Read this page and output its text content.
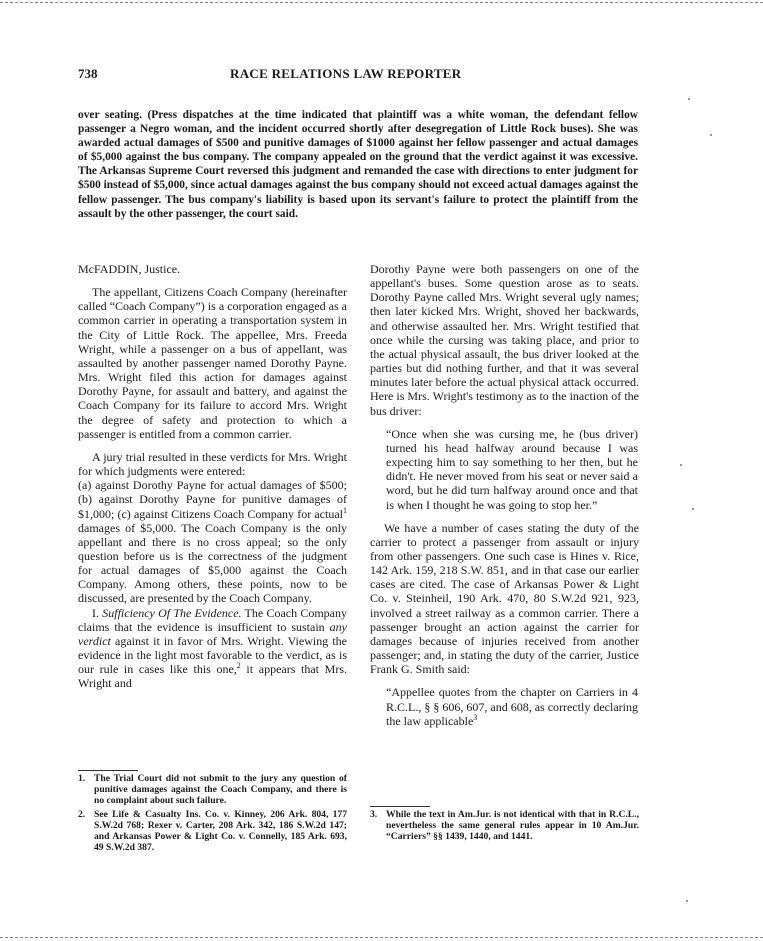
738	RACE RELATIONS LAW REPORTER
over seating. (Press dispatches at the time indicated that plaintiff was a white woman, the defendant fellow passenger a Negro woman, and the incident occurred shortly after desegregation of Little Rock buses). She was awarded actual damages of $500 and punitive damages of $1000 against her fellow passenger and actual damages of $5,000 against the bus company. The company appealed on the ground that the verdict against it was excessive. The Arkansas Supreme Court reversed this judgment and remanded the case with directions to enter judgment for $500 instead of $5,000, since actual damages against the bus company should not exceed actual damages against the fellow passenger. The bus company's liability is based upon its servant's failure to protect the plaintiff from the assault by the other passenger, the court said.

McFADDIN, Justice.

The appellant, Citizens Coach Company (hereinafter called “Coach Company”) is a corporation engaged as a common carrier in operating a transportation system in the City of Little Rock. The appellee, Mrs. Freeda Wright, while a passenger on a bus of appellant, was assaulted by another passenger named Dorothy Payne. Mrs. Wright filed this action for damages against Dorothy Payne, for assault and battery, and against the Coach Company for its failure to accord Mrs. Wright the degree of safety and protection to which a passenger is entitled from a common carrier.

A jury trial resulted in these verdicts for Mrs. Wright for which judgments were entered:

(a) against Dorothy Payne for actual damages of $500; (b) against Dorothy Payne for punitive damages of $1,000; (c) against Citizens Coach Company for actual$^1$ damages of $5,000. The Coach Company is the only appellant and there is no cross appeal; so the only question before us is the correctness of the judgment for actual damages of $5,000 against the Coach Company. Among others, these points, now to be discussed, are presented by the Coach Company.

I. Sufficiency Of The Evidence. The Coach Company claims that the evidence is insufficient to sustain any verdict against it in favor of Mrs. Wright. Viewing the evidence in the light most favorable to the verdict, as is our rule in cases like this one,$^2$ it appears that Mrs. Wright and

1. The Trial Court did not submit to the jury any question of punitive damages against the Coach Company, and there is no complaint about such failure.
2. See Life & Casualty Ins. Co. v. Kinney, 206 Ark. 804, 177 S.W.2d 768; Rexer v. Carter, 208 Ark. 342, 186 S.W.2d 147; and Arkansas Power & Light Co. v. Connelly, 185 Ark. 693, 49 S.W.2d 387.

Dorothy Payne were both passengers on one of the appellant's buses. Some question arose as to seats. Dorothy Payne called Mrs. Wright several ugly names; then later kicked Mrs. Wright, shoved her backwards, and otherwise assaulted her. Mrs. Wright testified that once while the cursing was taking place, and prior to the actual physical assault, the bus driver looked at the parties but did nothing further, and that it was several minutes later before the actual physical attack occurred. Here is Mrs. Wright's testimony as to the inaction of the bus driver:

“Once when she was cursing me, he (bus driver) turned his head halfway around because I was expecting him to say something to her then, but he didn't. He never moved from his seat or never said a word, but he did turn halfway around once and that is when I thought he was going to stop her.”

We have a number of cases stating the duty of the carrier to protect a passenger from assault or injury from other passengers. One such case is Hines v. Rice, 142 Ark. 159, 218 S.W. 851, and in that case our earlier cases are cited. The case of Arkansas Power & Light Co. v. Steinheil, 190 Ark. 470, 80 S.W.2d 921, 923, involved a street railway as a common carrier. There a passenger brought an action against the carrier for damages because of injuries received from another passenger; and, in stating the duty of the carrier, Justice Frank G. Smith said:

“Appellee quotes from the chapter on Carriers in 4 R.C.L., § § 606, 607, and 608, as correctly declaring the law applicable$^3$

3. While the text in Am.Jur. is not identical with that in R.C.L., nevertheless the same general rules appear in 10 Am.Jur. “Carriers” §§ 1439, 1440, and 1441.
